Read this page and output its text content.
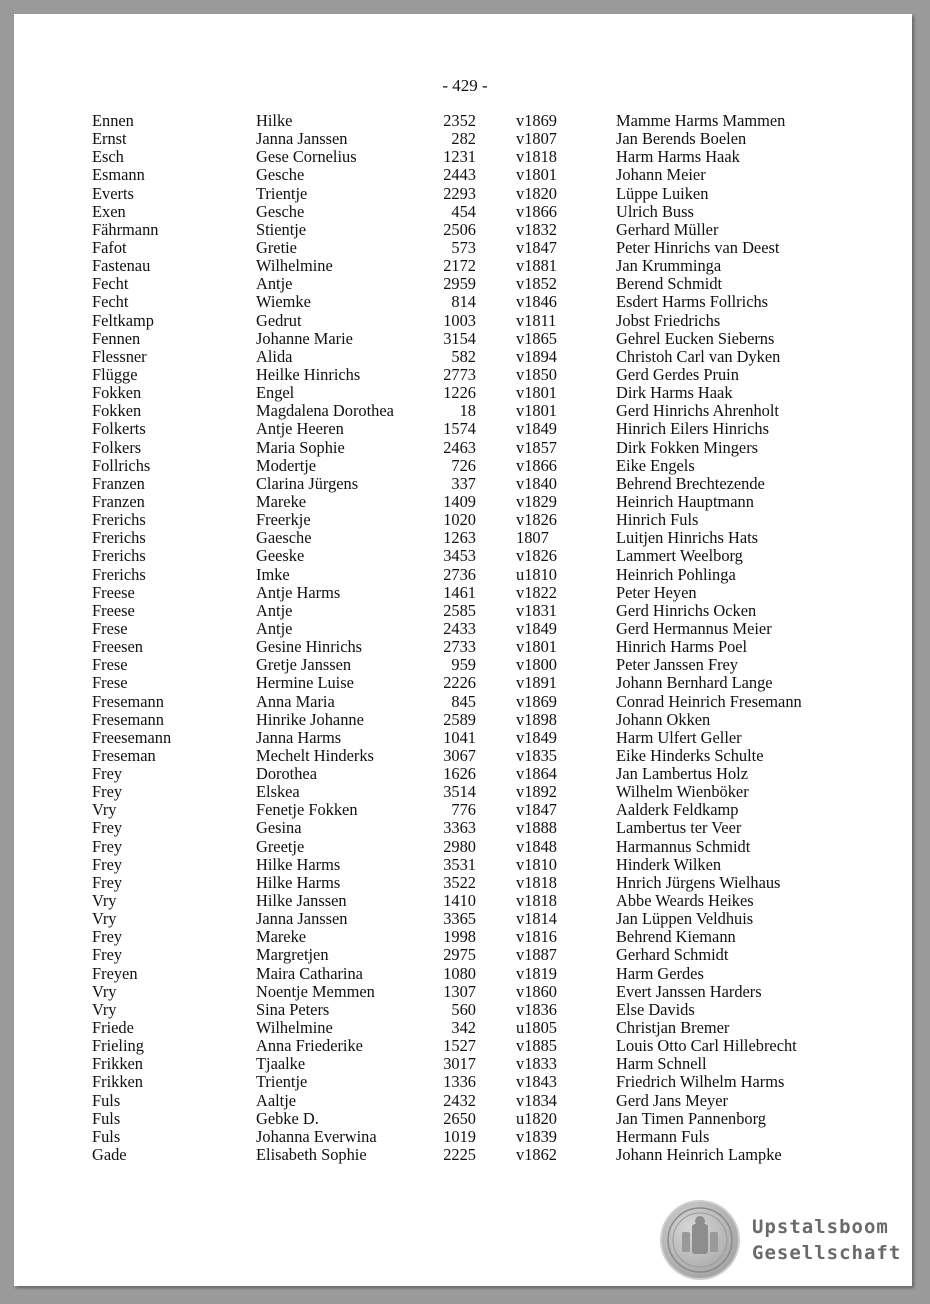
- 429 -
Ennen	Hilke	2352 v1869	Mamme Harms Mammen
Ernst	Janna Janssen	282 v1807	Jan Berends Boelen
Esch	Gese Cornelius	1231 v1818	Harm Harms Haak
Esmann	Gesche	2443 v1801	Johann Meier
Everts	Trientje	2293 v1820	Lüppe Luiken
Exen	Gesche	454 v1866	Ulrich Buss
Fährmann	Stientje	2506 v1832	Gerhard Müller
Fafot	Gretie	573 v1847	Peter Hinrichs van Deest
Fastenau	Wilhelmine	2172 v1881	Jan Krumminga
Fecht	Antje	2959 v1852	Berend Schmidt
Fecht	Wiemke	814 v1846	Esdert Harms Follrichs
Feltkamp	Gedrut	1003 v1811	Jobst Friedrichs
Fennen	Johanne Marie	3154 v1865	Gehrel Eucken Sieberns
Flessner	Alida	582 v1894	Christoh Carl van Dyken
Flügge	Heilke Hinrichs	2773 v1850	Gerd Gerdes Pruin
Fokken	Engel	1226 v1801	Dirk Harms Haak
Fokken	Magdalena Dorothea	18 v1801	Gerd Hinrichs Ahrenholt
Folkerts	Antje Heeren	1574 v1849	Hinrich Eilers Hinrichs
Folkers	Maria Sophie	2463 v1857	Dirk Fokken Mingers
Follrichs	Modertje	726 v1866	Eike Engels
Franzen	Clarina Jürgens	337 v1840	Behrend Brechtezende
Franzen	Mareke	1409 v1829	Heinrich Hauptmann
Frerichs	Freerkje	1020 v1826	Hinrich Fuls
Frerichs	Gaesche	1263 1807	Luitjen Hinrichs Hats
Frerichs	Geeske	3453 v1826	Lammert Weelborg
Frerichs	Imke	2736 u1810	Heinrich Pohlinga
Freese	Antje Harms	1461 v1822	Peter Heyen
Freese	Antje	2585 v1831	Gerd Hinrichs Ocken
Frese	Antje	2433 v1849	Gerd Hermannus Meier
Freesen	Gesine Hinrichs	2733 v1801	Hinrich Harms Poel
Frese	Gretje Janssen	959 v1800	Peter Janssen Frey
Frese	Hermine Luise	2226 v1891	Johann Bernhard Lange
Fresemann	Anna Maria	845 v1869	Conrad Heinrich Fresemann
Fresemann	Hinrike Johanne	2589 v1898	Johann Okken
Freesemann	Janna Harms	1041 v1849	Harm Ulfert Geller
Freseman	Mechelt Hinderks	3067 v1835	Eike Hinderks Schulte
Frey	Dorothea	1626 v1864	Jan Lambertus Holz
Frey	Elskea	3514 v1892	Wilhelm Wienböker
Vry	Fenetje Fokken	776 v1847	Aalderk Feldkamp
Frey	Gesina	3363 v1888	Lambertus ter Veer
Frey	Greetje	2980 v1848	Harmannus Schmidt
Frey	Hilke Harms	3531 v1810	Hinderk Wilken
Frey	Hilke Harms	3522 v1818	Hnrich Jürgens Wielhaus
Vry	Hilke Janssen	1410 v1818	Abbe Weards Heikes
Vry	Janna Janssen	3365 v1814	Jan Lüppen Veldhuis
Frey	Mareke	1998 v1816	Behrend Kiemann
Frey	Margretjen	2975 v1887	Gerhard Schmidt
Freyen	Maira Catharina	1080 v1819	Harm Gerdes
Vry	Noentje Memmen	1307 v1860	Evert Janssen Harders
Vry	Sina Peters	560 v1836	Else Davids
Friede	Wilhelmine	342 u1805	Christjan Bremer
Frieling	Anna Friederike	1527 v1885	Louis Otto Carl Hillebrecht
Frikken	Tjaalke	3017 v1833	Harm Schnell
Frikken	Trientje	1336 v1843	Friedrich Wilhelm Harms
Fuls	Aaltje	2432 v1834	Gerd Jans Meyer
Fuls	Gebke D.	2650 u1820	Jan Timen Pannenborg
Fuls	Johanna Everwina	1019 v1839	Hermann Fuls
Gade	Elisabeth Sophie	2225 v1862	Johann Heinrich Lampke
Upstalsboom
Gesellschaft
